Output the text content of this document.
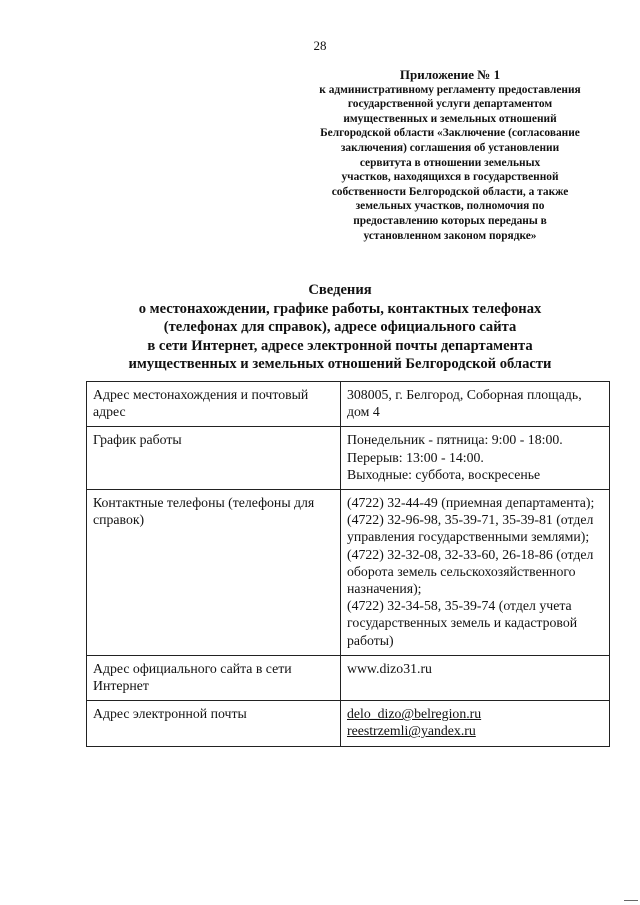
28
Приложение № 1
к административному регламенту предоставления
государственной услуги департаментом
имущественных и земельных отношений
Белгородской области «Заключение (согласование
заключения) соглашения об установлении
сервитута в отношении земельных
участков, находящихся в государственной
собственности Белгородской области, а также
земельных участков, полномочия по
предоставлению которых переданы в
установленном законом порядке»
Сведения
о местонахождении, графике работы, контактных телефонах
(телефонах для справок), адресе официального сайта
в сети Интернет, адресе электронной почты департамента
имущественных и земельных отношений Белгородской области
Адрес местонахождения и почтовый адрес	308005, г. Белгород, Соборная площадь, дом 4

График работы	Понедельник - пятница: 9:00 - 18:00.
Перерыв: 13:00 - 14:00.
Выходные: суббота, воскресенье

Контактные телефоны (телефоны для справок)	(4722) 32-44-49 (приемная департамента);
(4722) 32-96-98, 35-39-71, 35-39-81 (отдел управления государственными землями);
(4722) 32-32-08, 32-33-60, 26-18-86 (отдел оборота земель сельскохозяйственного назначения);
(4722) 32-34-58, 35-39-74 (отдел учета государственных земель и кадастровой работы)

Адрес официального сайта в сети Интернет	www.dizo31.ru

Адрес электронной почты	delo_dizo@belregion.ru
reestrzemli@yandex.ru
